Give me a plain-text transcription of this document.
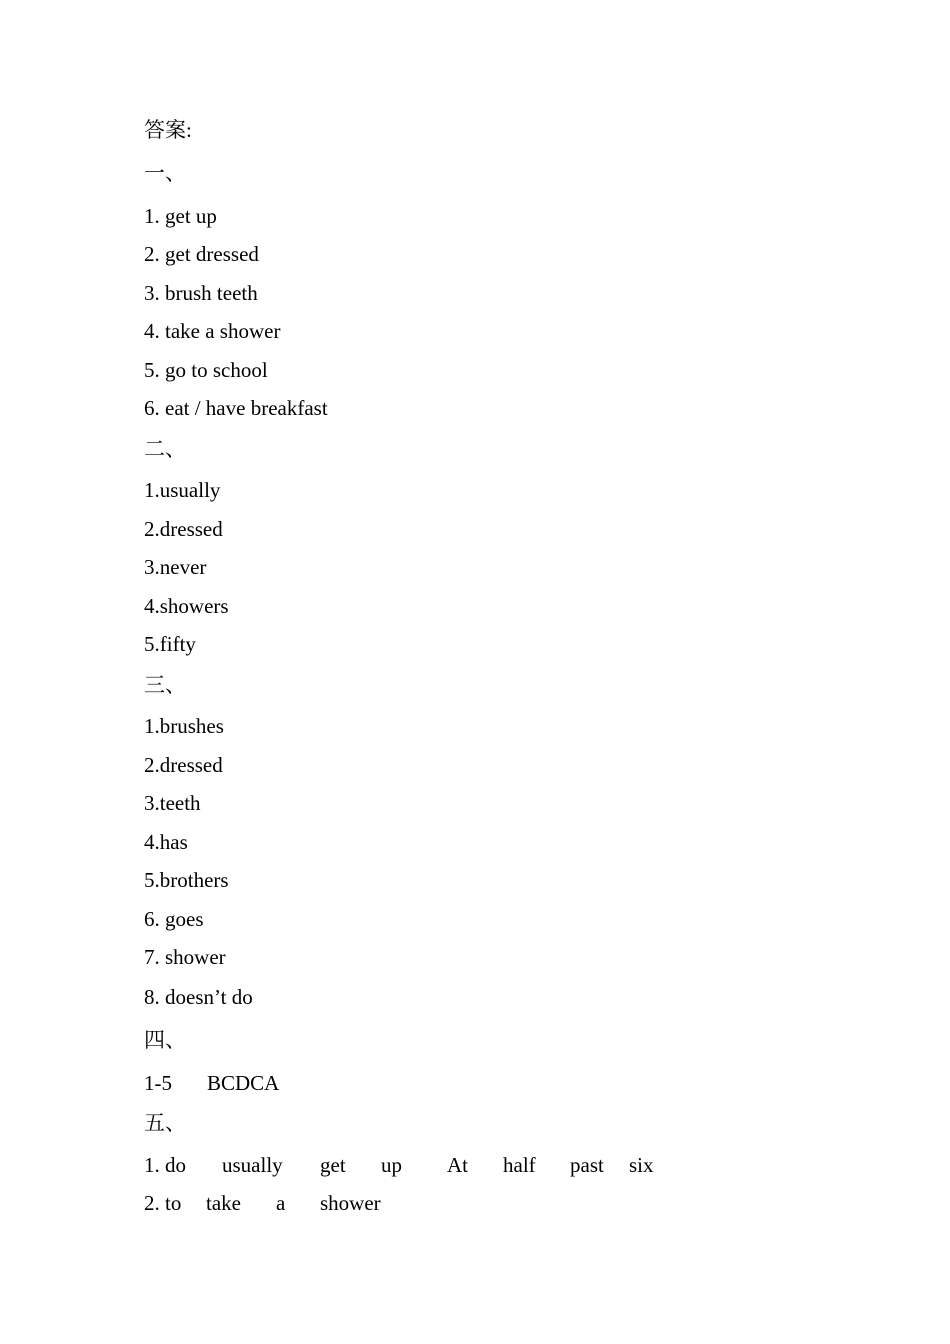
答案:
一、
1. get up
2. get dressed
3. brush teeth
4. take a shower
5. go to school
6. eat / have breakfast
二、
1.usually
2.dressed
3.never
4.showers
5.fifty
三、
1.brushes
2.dressed
3.teeth
4.has
5.brothers
6. goes
7. shower
8. doesn’t do
四、
1-5 BCDCA
五、
1. do usually get up At half past six
2. to take a shower
